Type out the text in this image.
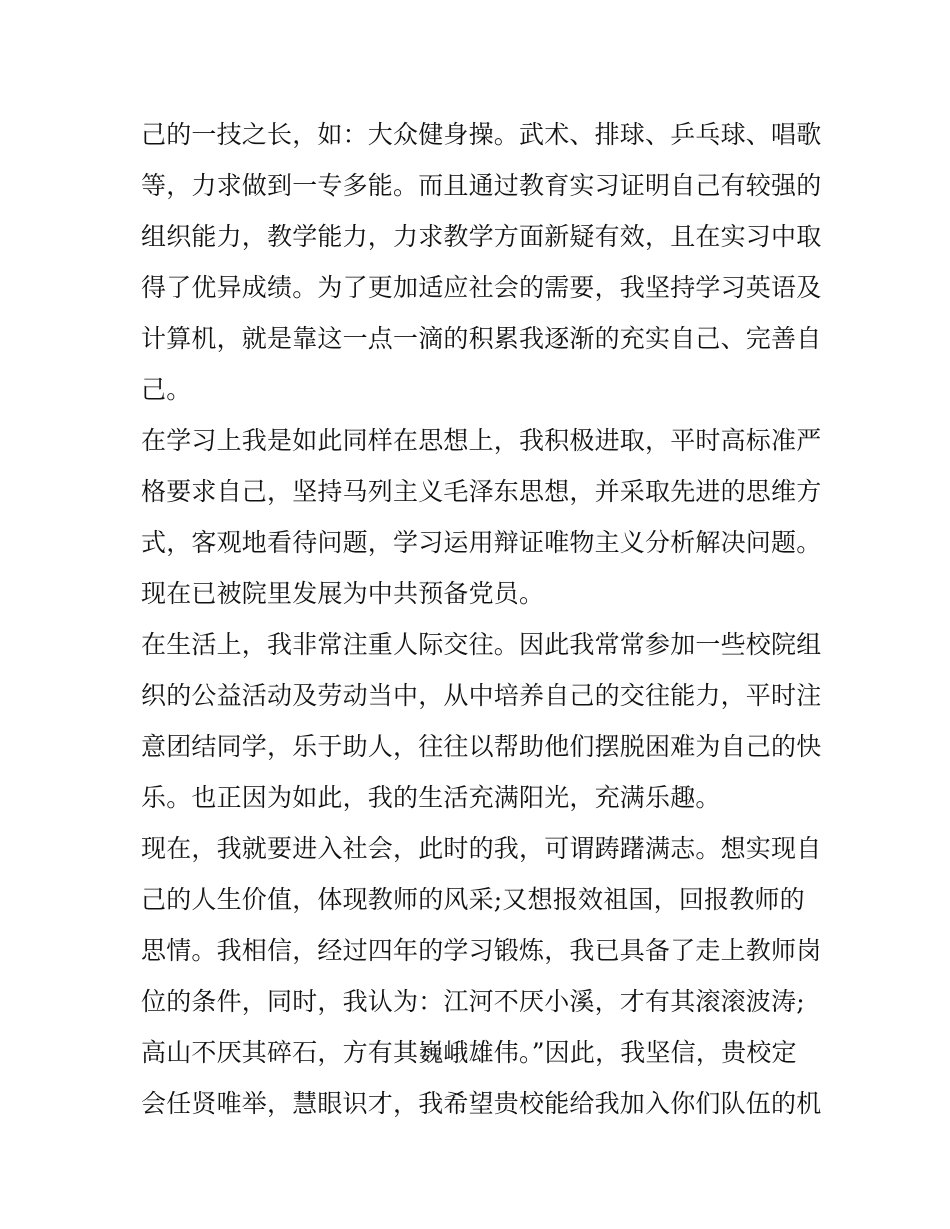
己的一技之长，如：大众健身操。武术、排球、乒乓球、唱歌
等，力求做到一专多能。而且通过教育实习证明自己有较强的
组织能力，教学能力，力求教学方面新疑有效，且在实习中取
得了优异成绩。为了更加适应社会的需要，我坚持学习英语及
计算机，就是靠这一点一滴的积累我逐渐的充实自己、完善自
己。
在学习上我是如此同样在思想上，我积极进取，平时高标准严
格要求自己，坚持马列主义毛泽东思想，并采取先进的思维方
式，客观地看待问题，学习运用辩证唯物主义分析解决问题。
现在已被院里发展为中共预备党员。
在生活上，我非常注重人际交往。因此我常常参加一些校院组
织的公益活动及劳动当中，从中培养自己的交往能力，平时注
意团结同学，乐于助人，往往以帮助他们摆脱困难为自己的快
乐。也正因为如此，我的生活充满阳光，充满乐趣。
现在，我就要进入社会，此时的我，可谓踌躇满志。想实现自
己的人生价值，体现教师的风采;又想报效祖国，回报教师的
思情。我相信，经过四年的学习锻炼，我已具备了走上教师岗
位的条件，同时，我认为：江河不厌小溪，才有其滚滚波涛;
高山不厌其碎石，方有其巍峨雄伟。”因此，我坚信，贵校定
会任贤唯举，慧眼识才，我希望贵校能给我加入你们队伍的机
